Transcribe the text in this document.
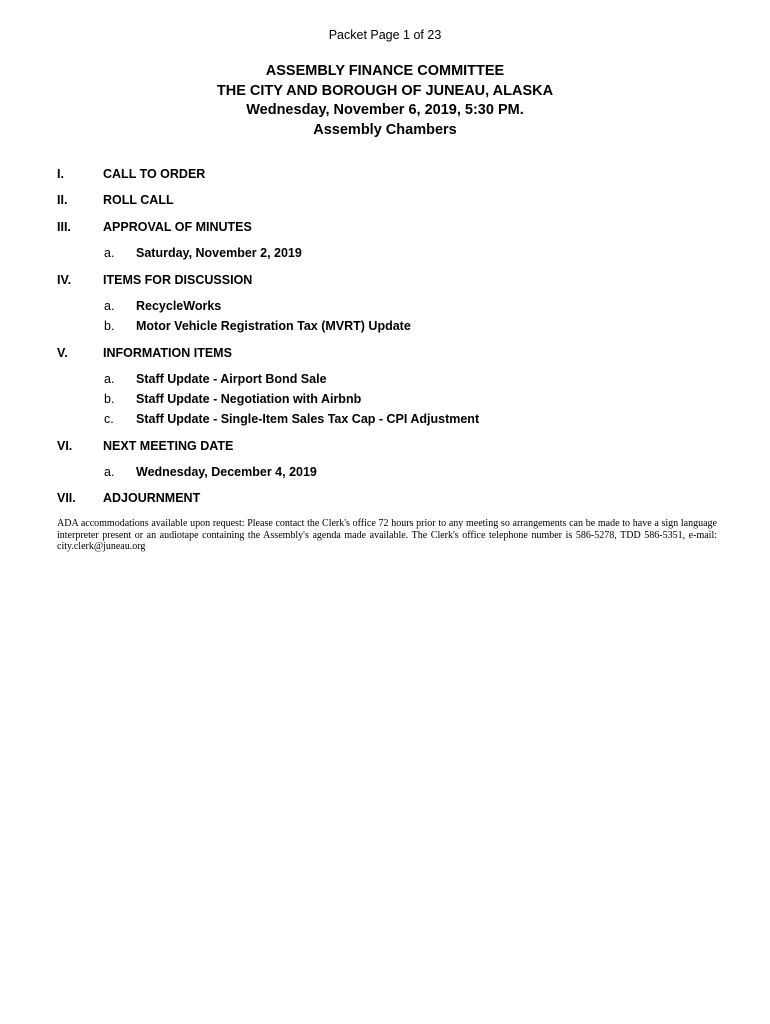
Packet Page 1 of 23
ASSEMBLY FINANCE COMMITTEE
THE CITY AND BOROUGH OF JUNEAU, ALASKA
Wednesday, November 6, 2019, 5:30 PM.
Assembly Chambers
I.	CALL TO ORDER
II.	ROLL CALL
III.	APPROVAL OF MINUTES
a. Saturday, November 2, 2019
IV.	ITEMS FOR DISCUSSION
a. RecycleWorks
b. Motor Vehicle Registration Tax (MVRT) Update
V.	INFORMATION ITEMS
a. Staff Update - Airport Bond Sale
b. Staff Update - Negotiation with Airbnb
c. Staff Update - Single-Item Sales Tax Cap - CPI Adjustment
VI.	NEXT MEETING DATE
a. Wednesday, December 4, 2019
VII.	ADJOURNMENT
ADA accommodations available upon request: Please contact the Clerk's office 72 hours prior to any meeting so arrangements can be made to have a sign language interpreter present or an audiotape containing the Assembly's agenda made available. The Clerk's office telephone number is 586-5278, TDD 586-5351, e-mail: city.clerk@juneau.org
